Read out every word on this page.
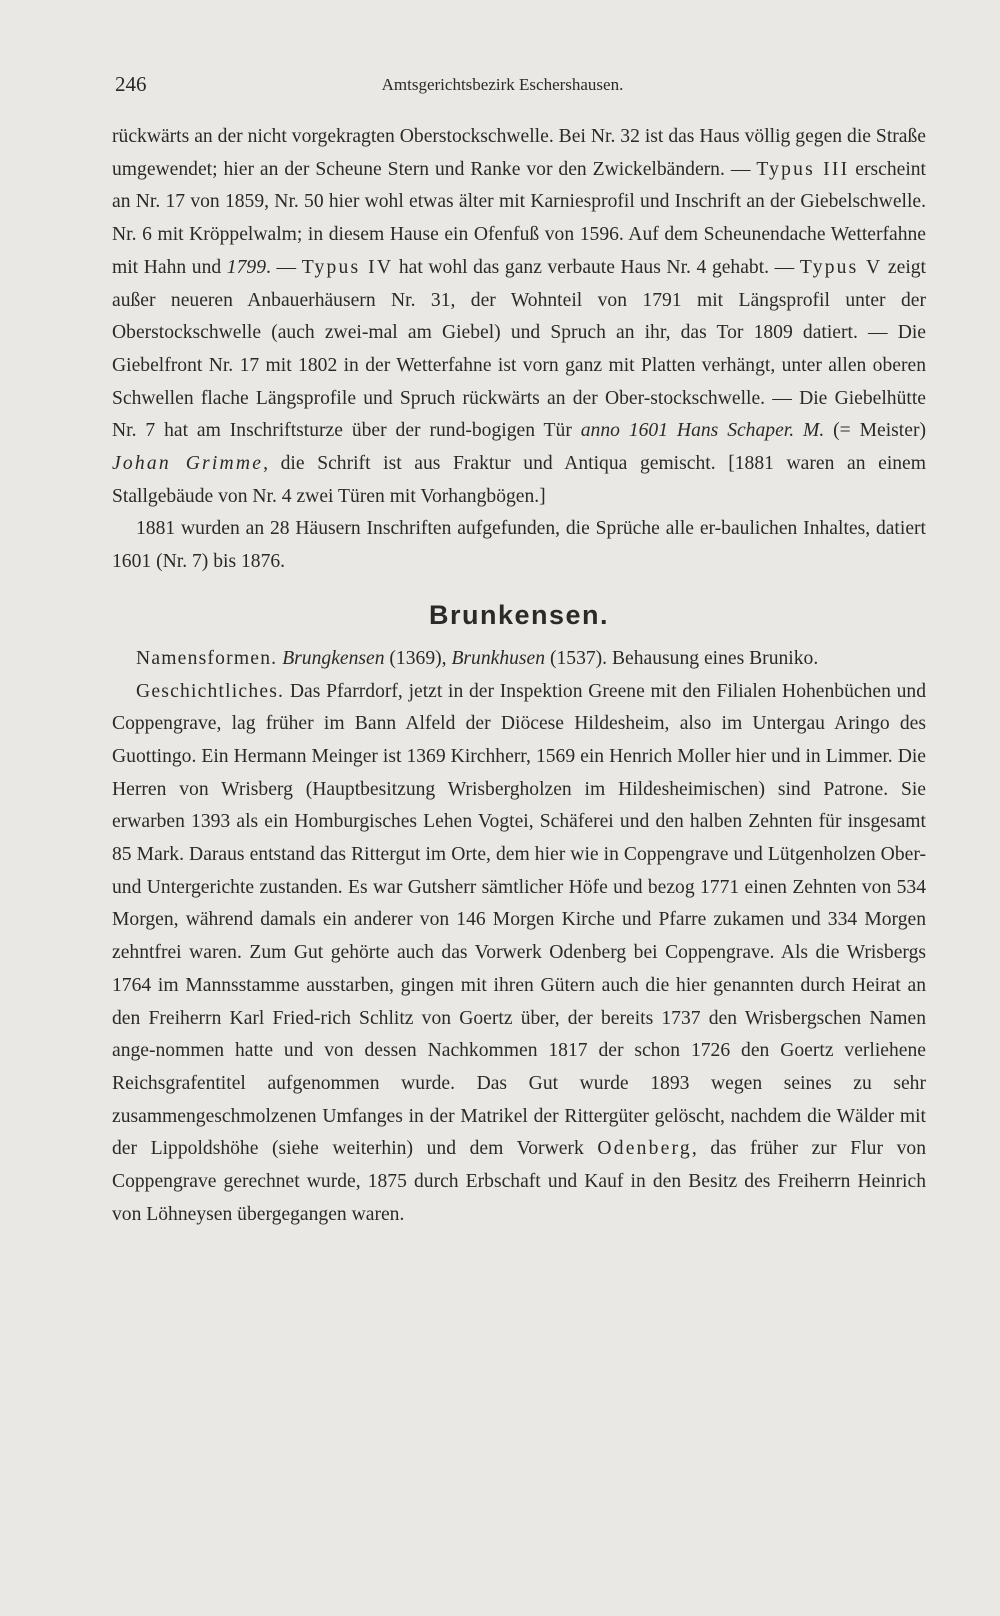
246	Amtsgerichtsbezirk Eschershausen.

rückwärts an der nicht vorgekragten Oberstockschwelle. Bei Nr. 32 ist das Haus völlig gegen die Straße umgewendet; hier an der Scheune Stern und Ranke vor den Zwickelbändern. — Typus III erscheint an Nr. 17 von 1859, Nr. 50 hier wohl etwas älter mit Karniesprofil und Inschrift an der Giebelschwelle. Nr. 6 mit Kröppelwalm; in diesem Hause ein Ofenfuß von 1596. Auf dem Scheunendache Wetterfahne mit Hahn und 1799. — Typus IV hat wohl das ganz verbaute Haus Nr. 4 gehabt. — Typus V zeigt außer neueren Anbauerhäusern Nr. 31, der Wohnteil von 1791 mit Längsprofil unter der Oberstockschwelle (auch zwei-mal am Giebel) und Spruch an ihr, das Tor 1809 datiert. — Die Giebelfront Nr. 17 mit 1802 in der Wetterfahne ist vorn ganz mit Platten verhängt, unter allen oberen Schwellen flache Längsprofile und Spruch rückwärts an der Ober-stockschwelle. — Die Giebelhütte Nr. 7 hat am Inschriftsturze über der rund-bogigen Tür anno 1601 Hans Schaper. M. (= Meister) Johan Grimme, die Schrift ist aus Fraktur und Antiqua gemischt. [1881 waren an einem Stallgebäude von Nr. 4 zwei Türen mit Vorhangbögen.]

1881 wurden an 28 Häusern Inschriften aufgefunden, die Sprüche alle er-baulichen Inhaltes, datiert 1601 (Nr. 7) bis 1876.

Brunkensen.

Namensformen. Brungkensen (1369), Brunkhusen (1537). Behausung eines Bruniko.

Geschichtliches. Das Pfarrdorf, jetzt in der Inspektion Greene mit den Filialen Hohenbüchen und Coppengrave, lag früher im Bann Alfeld der Diöcese Hildesheim, also im Untergau Aringo des Guottingo. Ein Hermann Meinger ist 1369 Kirchherr, 1569 ein Henrich Moller hier und in Limmer. Die Herren von Wrisberg (Hauptbesitzung Wrisbergholzen im Hildesheimischen) sind Patrone. Sie erwarben 1393 als ein Homburgisches Lehen Vogtei, Schäferei und den halben Zehnten für insgesamt 85 Mark. Daraus entstand das Rittergut im Orte, dem hier wie in Coppengrave und Lütgenholzen Ober- und Untergerichte zustanden. Es war Gutsherr sämtlicher Höfe und bezog 1771 einen Zehnten von 534 Morgen, während damals ein anderer von 146 Morgen Kirche und Pfarre zukamen und 334 Morgen zehntfrei waren. Zum Gut gehörte auch das Vorwerk Odenberg bei Coppengrave. Als die Wrisbergs 1764 im Mannsstamme ausstarben, gingen mit ihren Gütern auch die hier genannten durch Heirat an den Freiherrn Karl Fried-rich Schlitz von Goertz über, der bereits 1737 den Wrisbergschen Namen ange-nommen hatte und von dessen Nachkommen 1817 der schon 1726 den Goertz verliehene Reichsgrafentitel aufgenommen wurde. Das Gut wurde 1893 wegen seines zu sehr zusammengeschmolzenen Umfanges in der Matrikel der Rittergüter gelöscht, nachdem die Wälder mit der Lippoldshöhe (siehe weiterhin) und dem Vorwerk Odenberg, das früher zur Flur von Coppengrave gerechnet wurde, 1875 durch Erbschaft und Kauf in den Besitz des Freiherrn Heinrich von Löhneysen übergegangen waren.
